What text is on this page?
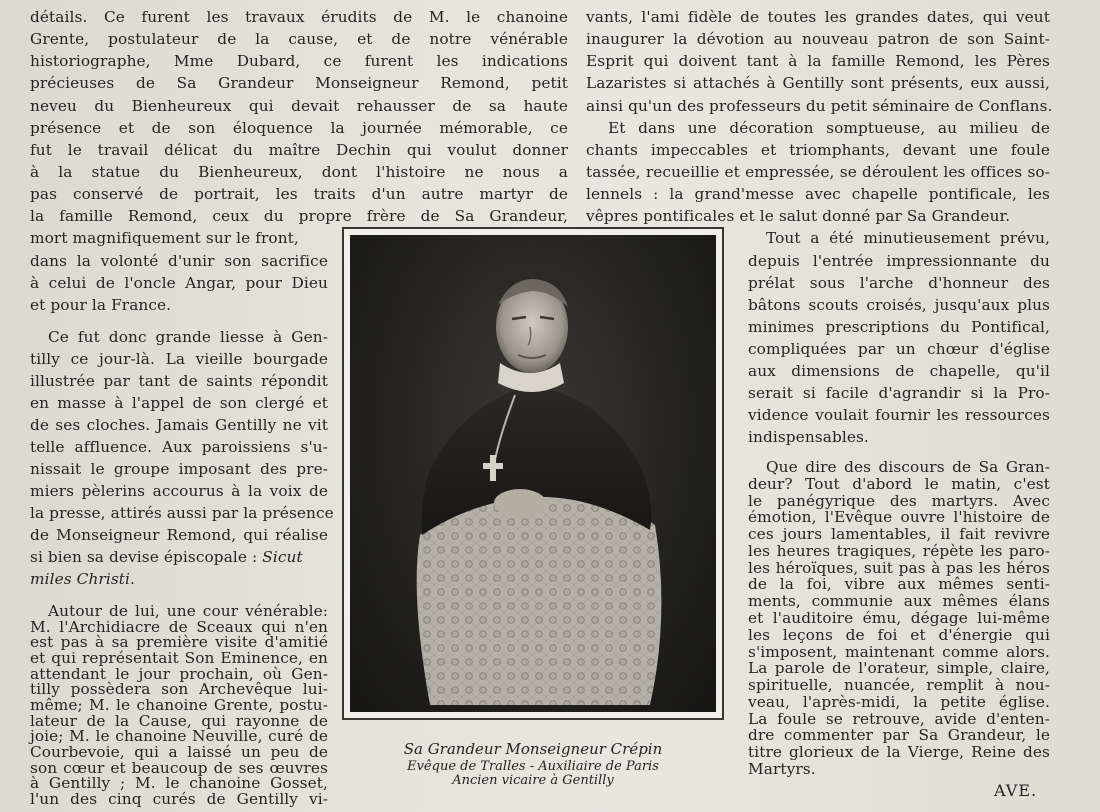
détails. Ce furent les travaux érudits de M. le chanoine
Grente, postulateur de la cause, et de notre vénérable
historiographe, Mme Dubard, ce furent les indications
précieuses de Sa Grandeur Monseigneur Remond, petit
neveu du Bienheureux qui devait rehausser de sa haute
présence et de son éloquence la journée mémorable, ce
fut le travail délicat du maître Dechin qui voulut donner
à la statue du Bienheureux, dont l'histoire ne nous a
pas conservé de portrait, les traits d'un autre martyr de
la famille Remond, ceux du propre frère de Sa Grandeur,
mort magnifiquement sur le front,
dans la volonté d'unir son sacrifice
à celui de l'oncle Angar, pour Dieu
et pour la France.
Ce fut donc grande liesse à Gen-
tilly ce jour-là. La vieille bourgade
illustrée par tant de saints répondit
en masse à l'appel de son clergé et
de ses cloches. Jamais Gentilly ne vit
telle affluence. Aux paroissiens s'u-
nissait le groupe imposant des pre-
miers pèlerins accourus à la voix de
la presse, attirés aussi par la présence
de Monseigneur Remond, qui réalise
si bien sa devise épiscopale : Sicut
miles Christi.
Autour de lui, une cour vénérable:
M. l'Archidiacre de Sceaux qui n'en
est pas à sa première visite d'amitié
et qui représentait Son Eminence, en
attendant le jour prochain, où Gen-
tilly possèdera son Archevêque lui-
même; M. le chanoine Grente, postu-
lateur de la Cause, qui rayonne de
joie; M. le chanoine Neuville, curé de
Courbevoie, qui a laissé un peu de
son cœur et beaucoup de ses œuvres
à Gentilly ; M. le chanoine Gosset,
l'un des cinq curés de Gentilly vi-
vants, l'ami fidèle de toutes les grandes dates, qui veut
inaugurer la dévotion au nouveau patron de son Saint-
Esprit qui doivent tant à la famille Remond, les Pères
Lazaristes si attachés à Gentilly sont présents, eux aussi,
ainsi qu'un des professeurs du petit séminaire de Conflans.
Et dans une décoration somptueuse, au milieu de
chants impeccables et triomphants, devant une foule
tassée, recueillie et empressée, se déroulent les offices so-
lennels : la grand'messe avec chapelle pontificale, les
vêpres pontificales et le salut donné par Sa Grandeur.
Tout a été minutieusement prévu,
depuis l'entrée impressionnante du
prélat sous l'arche d'honneur des
bâtons scouts croisés, jusqu'aux plus
minimes prescriptions du Pontifical,
compliquées par un chœur d'église
aux dimensions de chapelle, qu'il
serait si facile d'agrandir si la Pro-
vidence voulait fournir les ressources
indispensables.
Que dire des discours de Sa Gran-
deur? Tout d'abord le matin, c'est
le panégyrique des martyrs. Avec
émotion, l'Evêque ouvre l'histoire de
ces jours lamentables, il fait revivre
les heures tragiques, répète les paro-
les héroïques, suit pas à pas les héros
de la foi, vibre aux mêmes senti-
ments, communie aux mêmes élans
et l'auditoire ému, dégage lui-même
les leçons de foi et d'énergie qui
s'imposent, maintenant comme alors.
La parole de l'orateur, simple, claire,
spirituelle, nuancée, remplit à nou-
veau, l'après-midi, la petite église.
La foule se retrouve, avide d'enten-
dre commenter par Sa Grandeur, le
titre glorieux de la Vierge, Reine des
Martyrs.
Sa Grandeur Monseigneur Crépin
Evêque de Tralles - Auxiliaire de Paris
Ancien vicaire à Gentilly
AVE.
